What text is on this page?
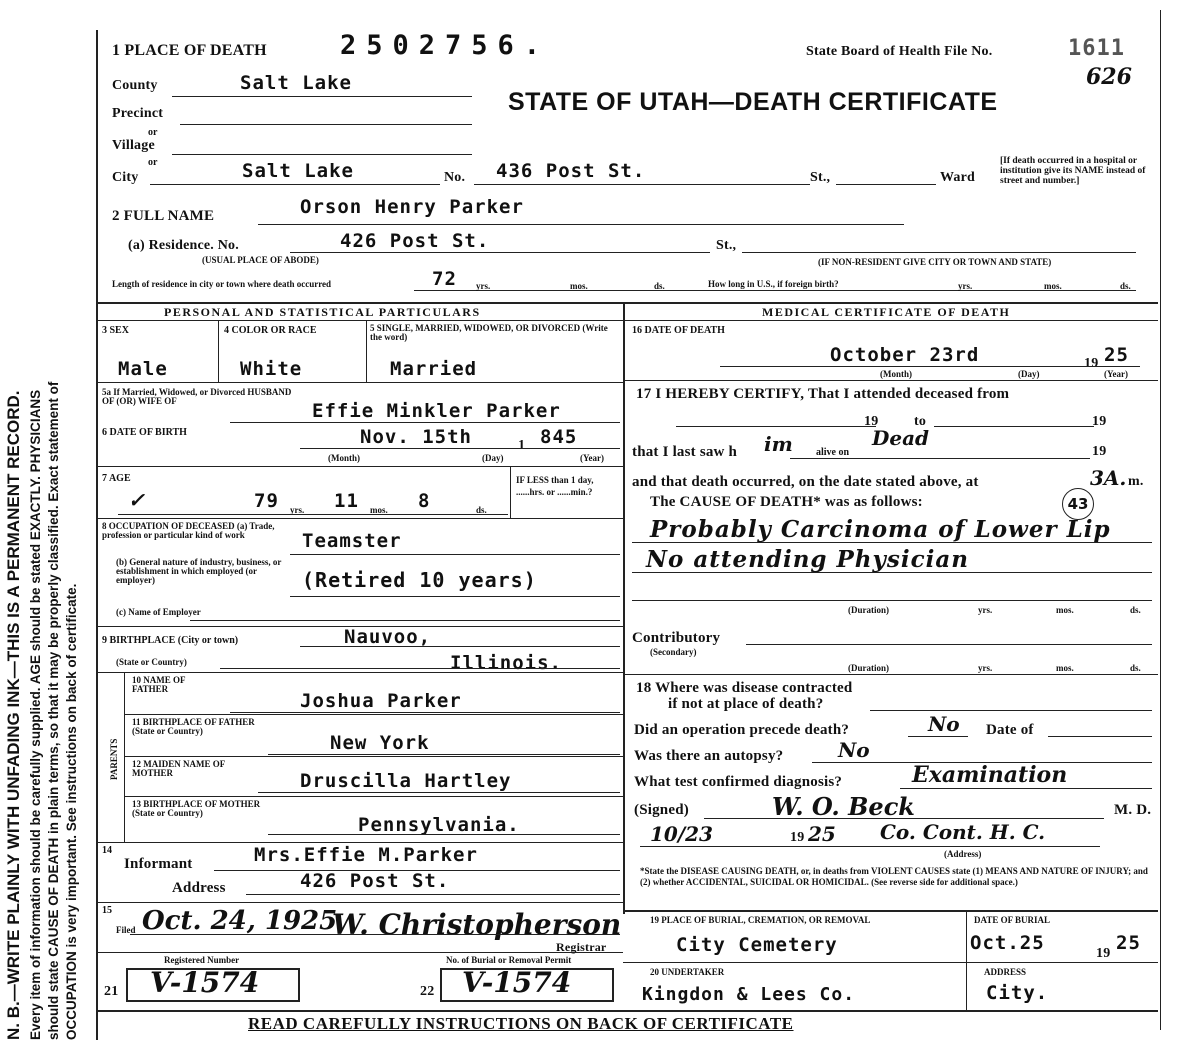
N. B.—WRITE PLAINLY WITH UNFADING INK—THIS IS A PERMANENT RECORD. Every item of information should be carefully supplied. AGE should be stated EXACTLY. PHYSICIANS should state CAUSE OF DEATH in plain terms, so that it may be properly classified. Exact statement of OCCUPATION is very important. See instructions on back of certificate.
1 PLACE OF DEATH	2502756.	State Board of Health File No.	1611
626
STATE OF UTAH—DEATH CERTIFICATE
County	Salt Lake
Precinct
or
Village
or
City	Salt Lake	No. 436 Post St.	St.,	Ward
[If death occurred in a hospital or institution give its NAME instead of street and number.]
2 FULL NAME	Orson Henry Parker
(a) Residence. No.	426 Post St.
(USUAL PLACE OF ABODE)
St.,
(IF NON-RESIDENT GIVE CITY OR TOWN AND STATE)
Length of residence in city or town where death occurred	72 yrs.	mos.	ds.	How long in U.S., if foreign birth?	yrs.	mos.	ds.
PERSONAL AND STATISTICAL PARTICULARS	MEDICAL CERTIFICATE OF DEATH
3 SEX
Male
4 COLOR OR RACE
White
5 SINGLE, MARRIED, WIDOWED, OR DIVORCED (Write the word)
Married
5a If Married, Widowed, or Divorced HUSBAND OF (OR) WIFE OF	Effie Minkler Parker
6 DATE OF BIRTH	Nov. 15th	1 845
(Month)	(Day)	(Year)
7 AGE
✓	79 yrs. 11 mos. 8	ds.
IF LESS than 1 day, ......hrs. or ......min.?
8 OCCUPATION OF DECEASED (a) Trade, profession or particular kind of work	Teamster
(b) General nature of industry, business, or establishment in which employed (or employer)	(Retired 10 years)
(c) Name of Employer
9 BIRTHPLACE (City or town)	Nauvoo,
(State or Country)	Illinois.
PARENTS
10 NAME OF FATHER
Joshua Parker
11 BIRTHPLACE OF FATHER (State or Country)
New York
12 MAIDEN NAME OF MOTHER	Druscilla Hartley
13 BIRTHPLACE OF MOTHER (State or Country)
Pennsylvania.
14
Informant	Mrs.Effie M.Parker
Address	426 Post St.
15
Filed Oct. 24, 1925
W. Christopherson
Registrar
Registered Number	No. of Burial or Removal Permit
21 V-1574	22 V-1574
16 DATE OF DEATH
October 23rd	19 25
(Month)	(Day)	(Year)
17 I HEREBY CERTIFY, That I attended deceased from
19	to	19
that I last saw h im alive on
Dead
19
and that death occurred, on the date stated above, at	3A. m.
The CAUSE OF DEATH* was as follows:	43
Probably Carcinoma of Lower Lip
No attending Physician
(Duration)	yrs.	mos.	ds.
Contributory
(Secondary)
(Duration)	yrs.	mos.	ds.
18 Where was disease contracted
if not at place of death?
Did an operation precede death?	No Date of
Was there an autopsy?	No
What test confirmed diagnosis?	Examination
(Signed)	W. O. Beck	M. D.
10/23	19 25 Co. Cont. H. C.
(Address)
*State the DISEASE CAUSING DEATH, or, in deaths from VIOLENT CAUSES state (1) MEANS AND NATURE OF INJURY; and (2) whether ACCIDENTAL, SUICIDAL OR HOMICIDAL. (See reverse side for additional space.)
19 PLACE OF BURIAL, CREMATION, OR REMOVAL
City Cemetery
DATE OF BURIAL
Oct.25	19 25
20 UNDERTAKER
Kingdon & Lees Co.
ADDRESS
City.
READ CAREFULLY INSTRUCTIONS ON BACK OF CERTIFICATE
